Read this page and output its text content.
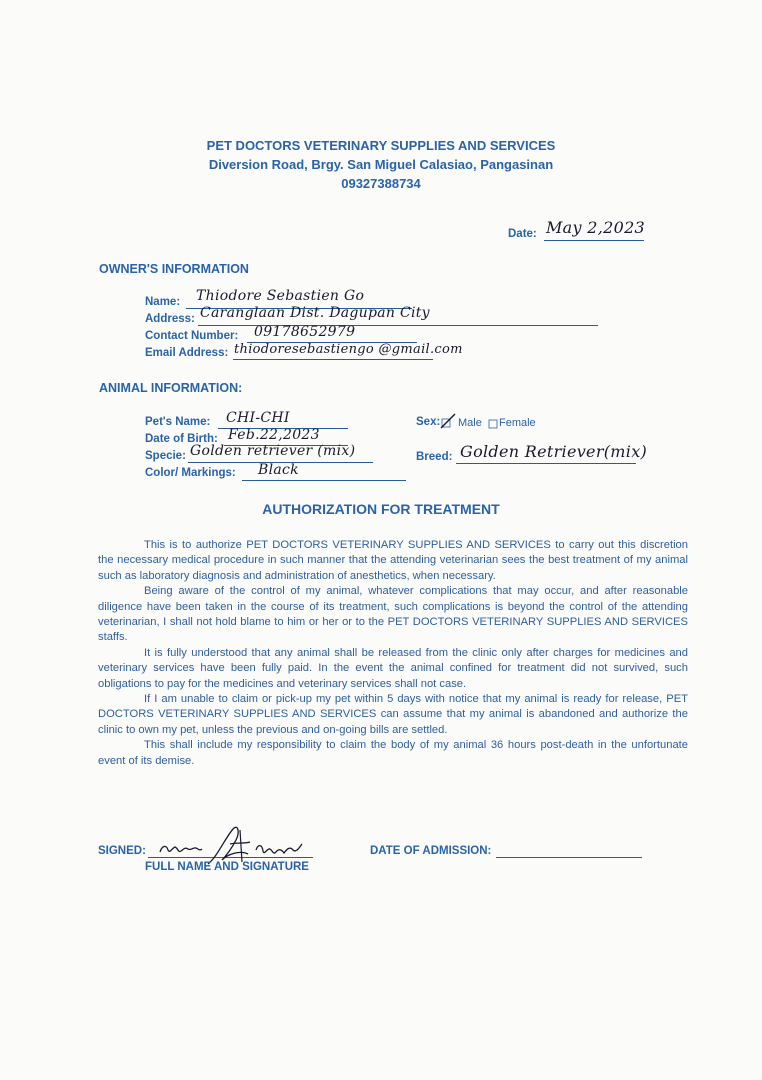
PET DOCTORS VETERINARY SUPPLIES AND SERVICES
Diversion Road, Brgy. San Miguel Calasiao, Pangasinan
09327388734
Date: May 2,2023
OWNER'S INFORMATION
Name: Thiodore Sebastien Go
Address: Caranglaan Dist. Dagupan City
Contact Number: 09178652979
Email Address: thiodoresebastiengo @gmail.com
ANIMAL INFORMATION:
Pet's Name: CHI-CHI
Date of Birth: Feb.22,2023
Specie: Golden retriever (mix)
Color/ Markings: Black
Sex: Male Female
Breed: Golden Retriever(mix)
AUTHORIZATION FOR TREATMENT

This is to authorize PET DOCTORS VETERINARY SUPPLIES AND SERVICES to carry out this discretion the necessary medical procedure in such manner that the attending veterinarian sees the best treatment of my animal such as laboratory diagnosis and administration of anesthetics, when necessary.

Being aware of the control of my animal, whatever complications that may occur, and after reasonable diligence have been taken in the course of its treatment, such complications is beyond the control of the attending veterinarian, I shall not hold blame to him or her or to the PET DOCTORS VETERINARY SUPPLIES AND SERVICES staffs.

It is fully understood that any animal shall be released from the clinic only after charges for medicines and veterinary services have been fully paid. In the event the animal confined for treatment did not survived, such obligations to pay for the medicines and veterinary services shall not case.

If I am unable to claim or pick-up my pet within 5 days with notice that my animal is ready for release, PET DOCTORS VETERINARY SUPPLIES AND SERVICES can assume that my animal is abandoned and authorize the clinic to own my pet, unless the previous and on-going bills are settled.

This shall include my responsibility to claim the body of my animal 36 hours post-death in the unfortunate event of its demise.

SIGNED:
FULL NAME AND SIGNATURE
DATE OF ADMISSION:
